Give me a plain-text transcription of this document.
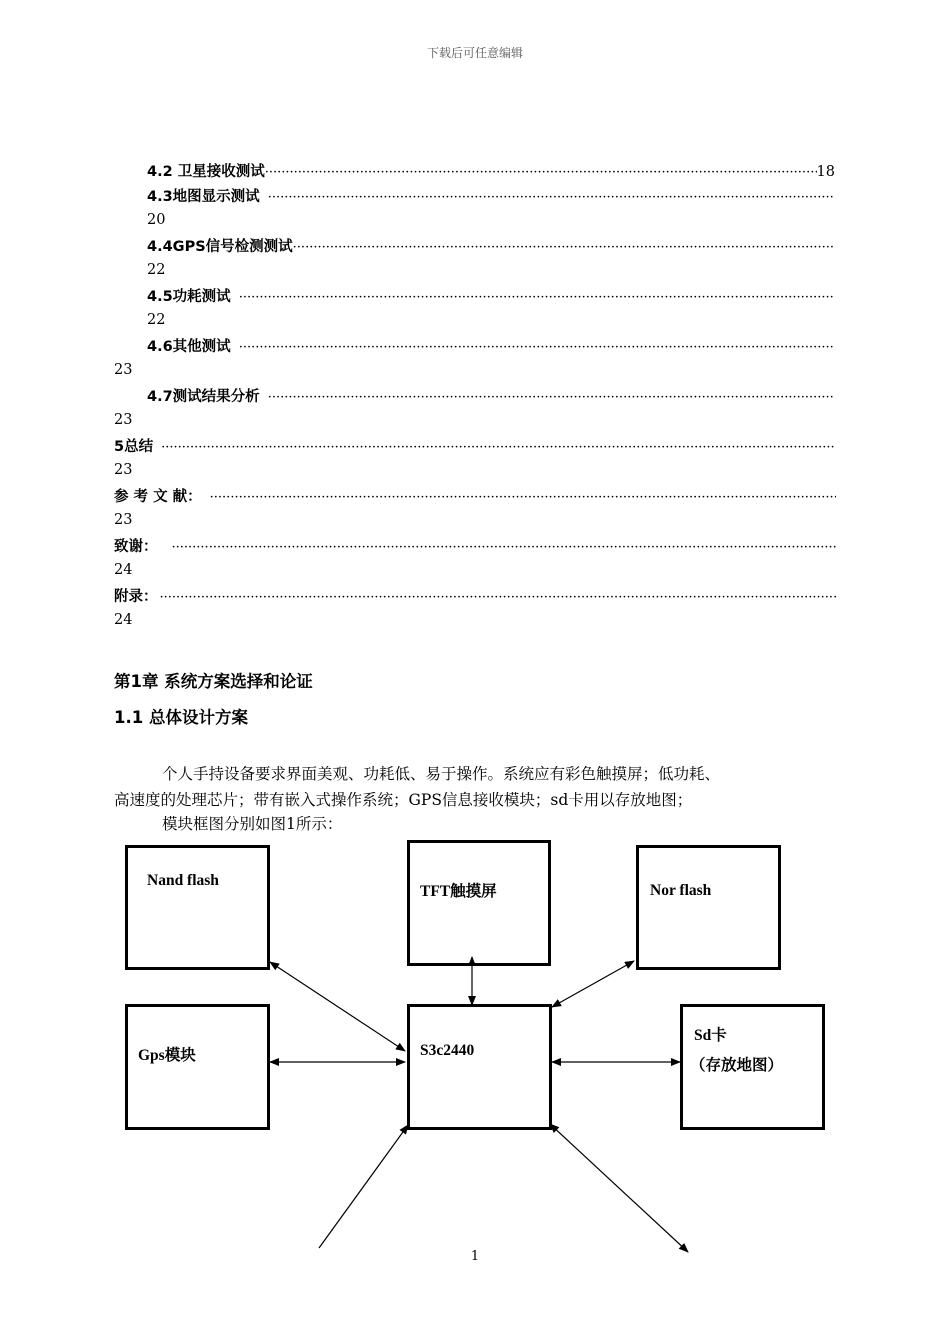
下载后可任意编辑
4.2 卫星接收测试
·····	18
4.3地图显示测试
·····
20
4.4GPS信号检测测试
·····
22
4.5功耗测试
·····
22
4.6其他测试
·····
23
4.7测试结果分析
·····
23
5总结
·····
23
参 考 文 献：
·····
23
致谢：
·····
24
附录：
·····
24
第1章 系统方案选择和论证
1.1 总体设计方案
个人手持设备要求界面美观、功耗低、易于操作。系统应有彩色触摸屏；低功耗、
高速度的处理芯片；带有嵌入式操作系统；GPS信息接收模块；sd卡用以存放地图；
模块框图分别如图1所示：
Nand flash
TFT触摸屏	Nor flash
Gps模块	S3c2440
Sd卡
（存放地图）
1
